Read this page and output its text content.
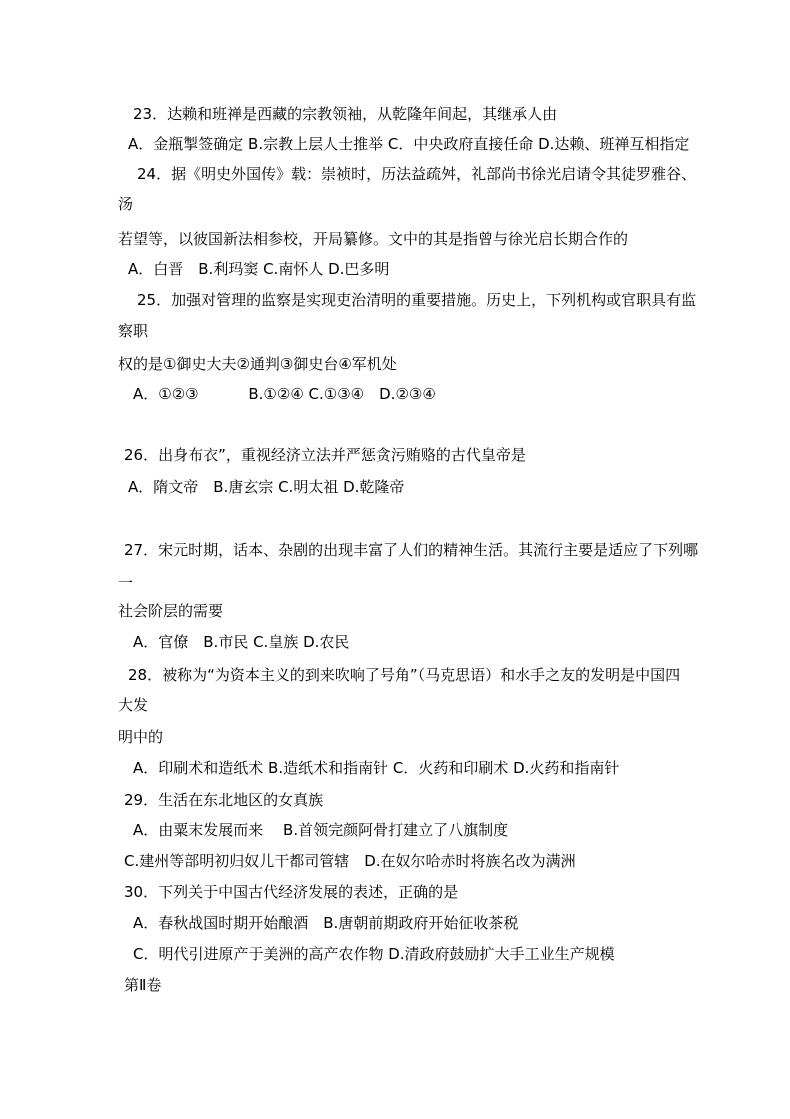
23．达赖和班禅是西藏的宗教领袖，从乾隆年间起，其继承人由
A．金瓶掣签确定 B.宗教上层人士推举 C．中央政府直接任命 D.达赖、班禅互相指定
24．据《明史外国传》载：崇祯时，历法益疏舛，礼部尚书徐光启请令其徒罗雅谷、
汤
若望等，以彼国新法相参校，开局纂修。文中的其是指曾与徐光启长期合作的
A．白晋　B.利玛窦 C.南怀人 D.巴多明
25．加强对管理的监察是实现吏治清明的重要措施。历史上，下列机构或官职具有监
察职
权的是①御史大夫②通判③御史台④军机处
A．①②③　　　 B.①②④ C.①③④　D.②③④
26．出身布衣”，重视经济立法并严惩贪污贿赂的古代皇帝是
A．隋文帝　B.唐玄宗 C.明太祖 D.乾隆帝
27．宋元时期，话本、杂剧的出现丰富了人们的精神生活。其流行主要是适应了下列哪
一
社会阶层的需要
A．官僚　B.市民 C.皇族 D.农民
28．被称为“为资本主义的到来吹响了号角”（马克思语）和水手之友的发明是中国四
大发
明中的
A．印刷术和造纸术 B.造纸术和指南针 C．火药和印刷术 D.火药和指南针
29．生活在东北地区的女真族
A．由粟末发展而来　 B.首领完颜阿骨打建立了八旗制度
C.建州等部明初归奴儿干都司管辖　D.在奴尔哈赤时将族名改为满洲
30．下列关于中国古代经济发展的表述，正确的是
A．春秋战国时期开始酿酒　B.唐朝前期政府开始征收茶税
C．明代引进原产于美洲的高产农作物 D.清政府鼓励扩大手工业生产规模
第Ⅱ卷
